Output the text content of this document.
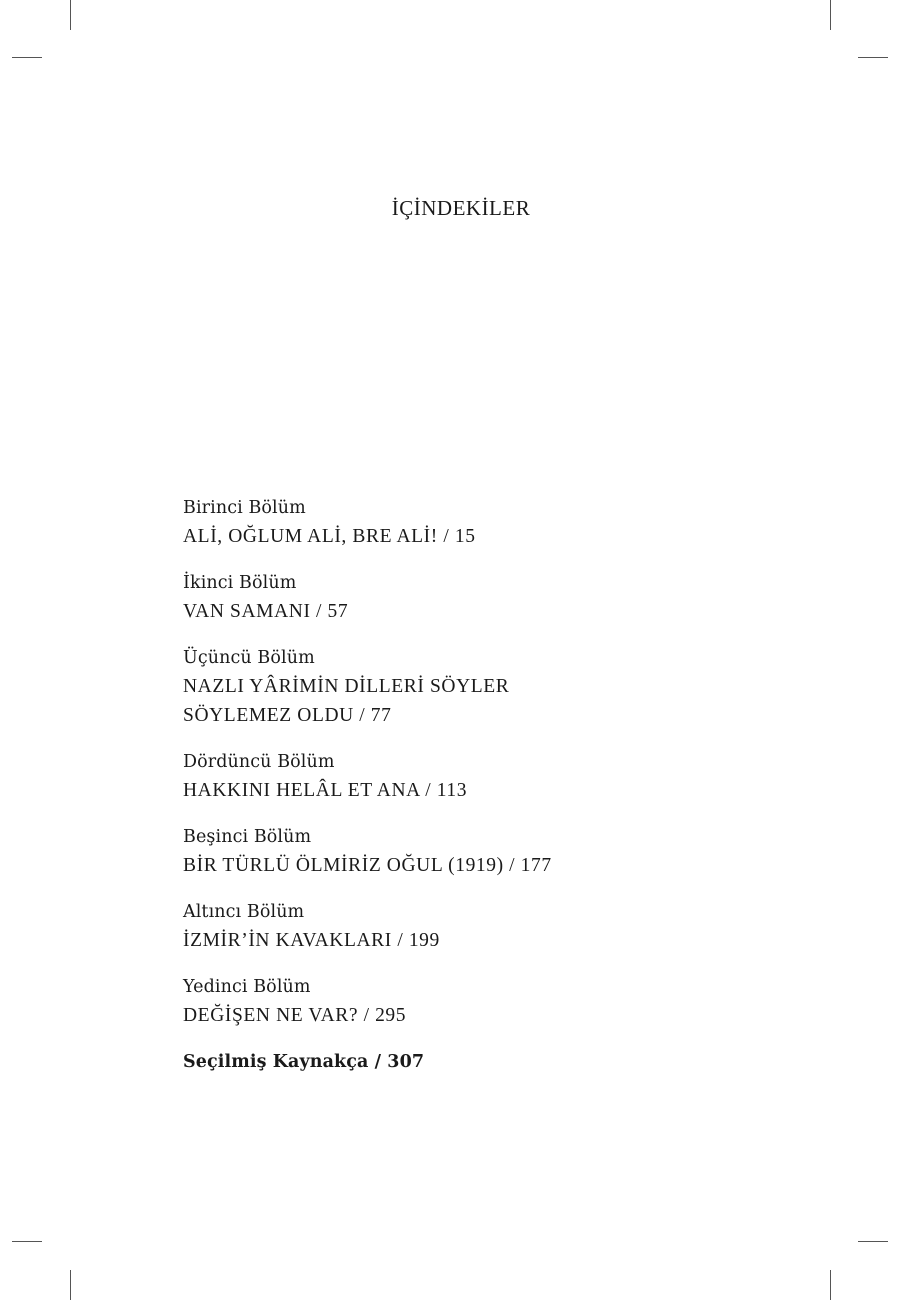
İÇİNDEKİLER
Birinci Bölüm
ALİ, OĞLUM ALİ, BRE ALİ! / 15
İkinci Bölüm
VAN SAMANI / 57
Üçüncü Bölüm
NAZLI YÂRİMİN DİLLERİ SÖYLER
SÖYLEMEZ OLDU / 77
Dördüncü Bölüm
HAKKINI HELÂL ET ANA / 113
Beşinci Bölüm
BİR TÜRLÜ ÖLMİRİZ OĞUL (1919) / 177
Altıncı Bölüm
İZMİR’İN KAVAKLARI / 199
Yedinci Bölüm
DEĞİŞEN NE VAR? / 295
Seçilmiş Kaynakça / 307
